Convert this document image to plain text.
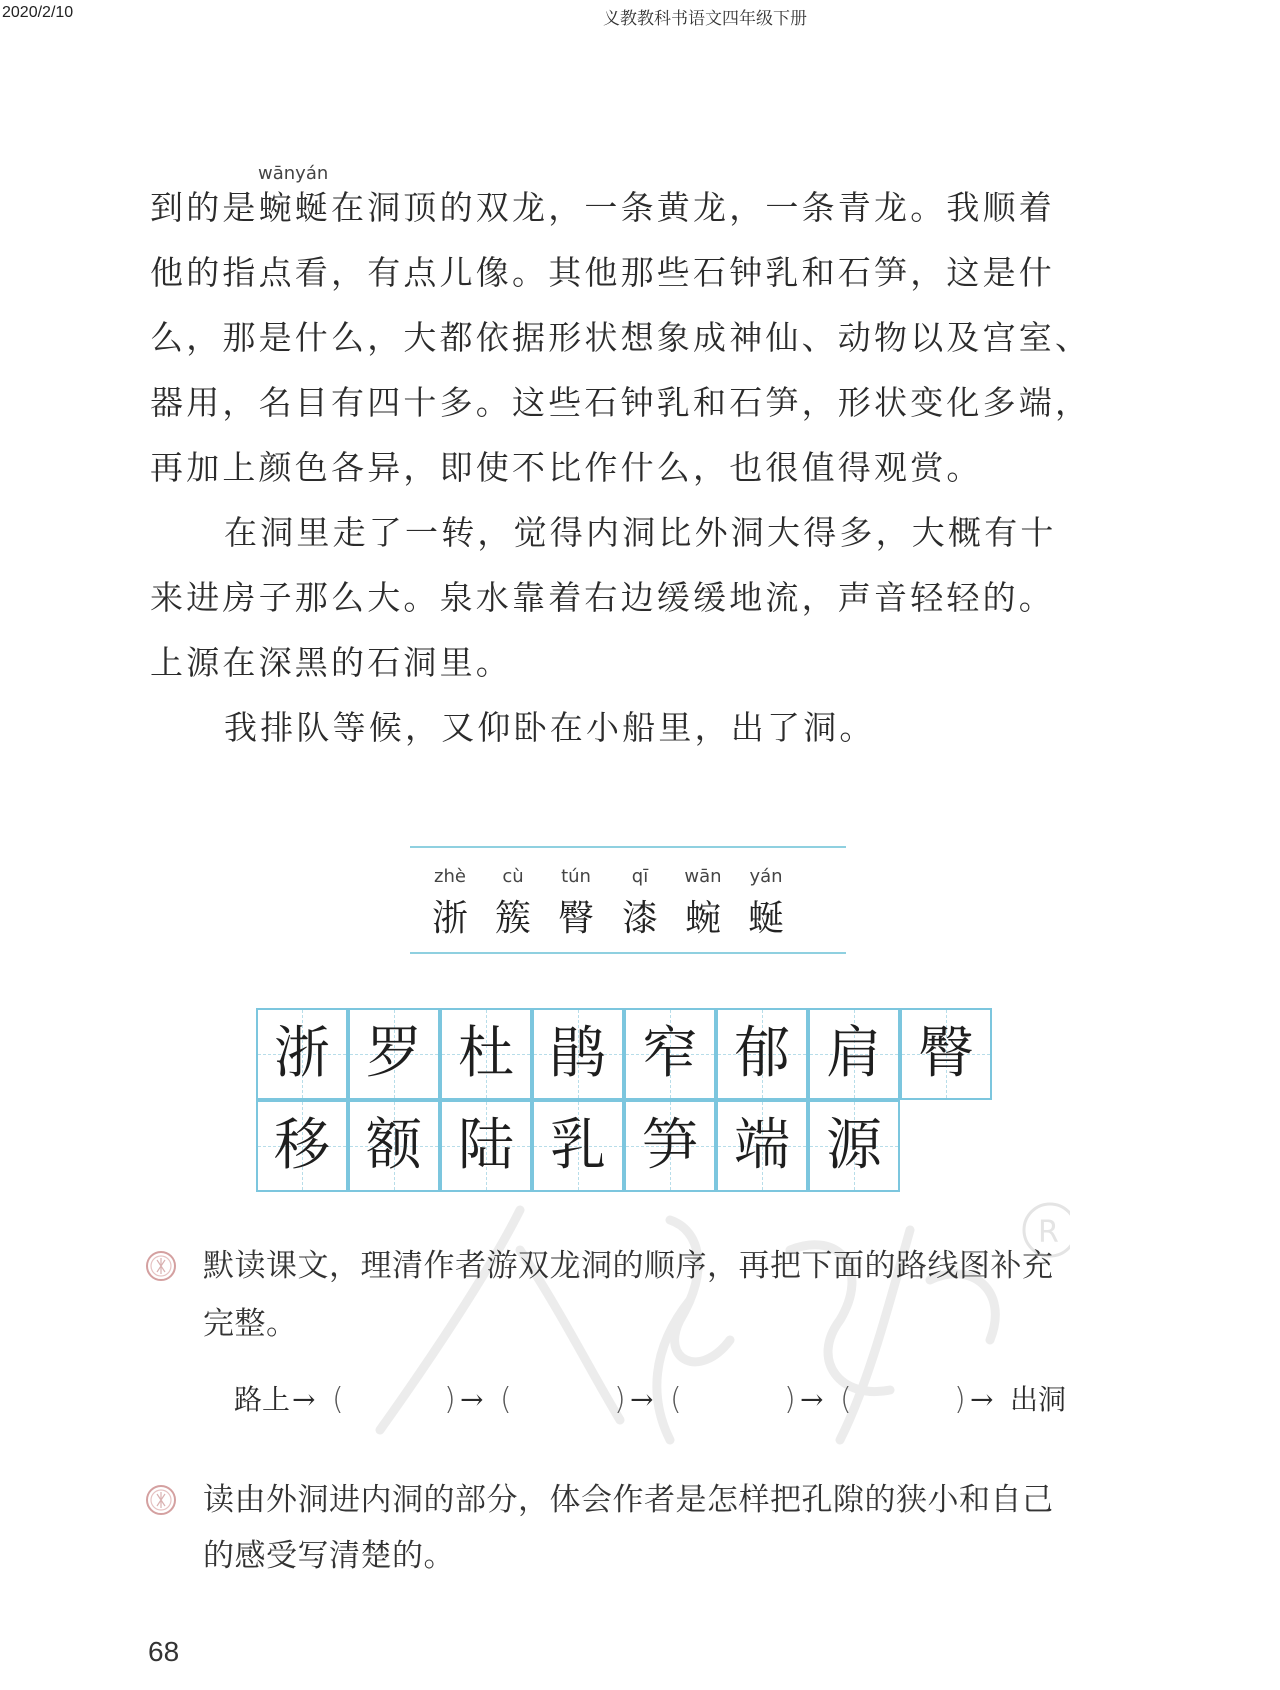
2020/2/10	义教教科书语文四年级下册
R
wānyán
到的是蜿蜒在洞顶的双龙，一条黄龙，一条青龙。我顺着
他的指点看，有点儿像。其他那些石钟乳和石笋，这是什
么，那是什么，大都依据形状想象成神仙、动物以及宫室、
器用，名目有四十多。这些石钟乳和石笋，形状变化多端，
再加上颜色各异，即使不比作什么，也很值得观赏。
在洞里走了一转，觉得内洞比外洞大得多，大概有十
来进房子那么大。泉水靠着右边缓缓地流，声音轻轻的。
上源在深黑的石洞里。
我排队等候，又仰卧在小船里，出了洞。
zhè
浙
cù
簇
tún
臀
qī
漆
wān
蜿
yán
蜒
浙 罗 杜 鹃 窄 郁 肩 臀
移 额 陆 乳 笋 端 源
默读课文，理清作者游双龙洞的顺序，再把下面的路线图补充
完整。
路上 → (	) → (	) → (	) → (	) → 出洞
读由外洞进内洞的部分，体会作者是怎样把孔隙的狭小和自己
的感受写清楚的。
68
